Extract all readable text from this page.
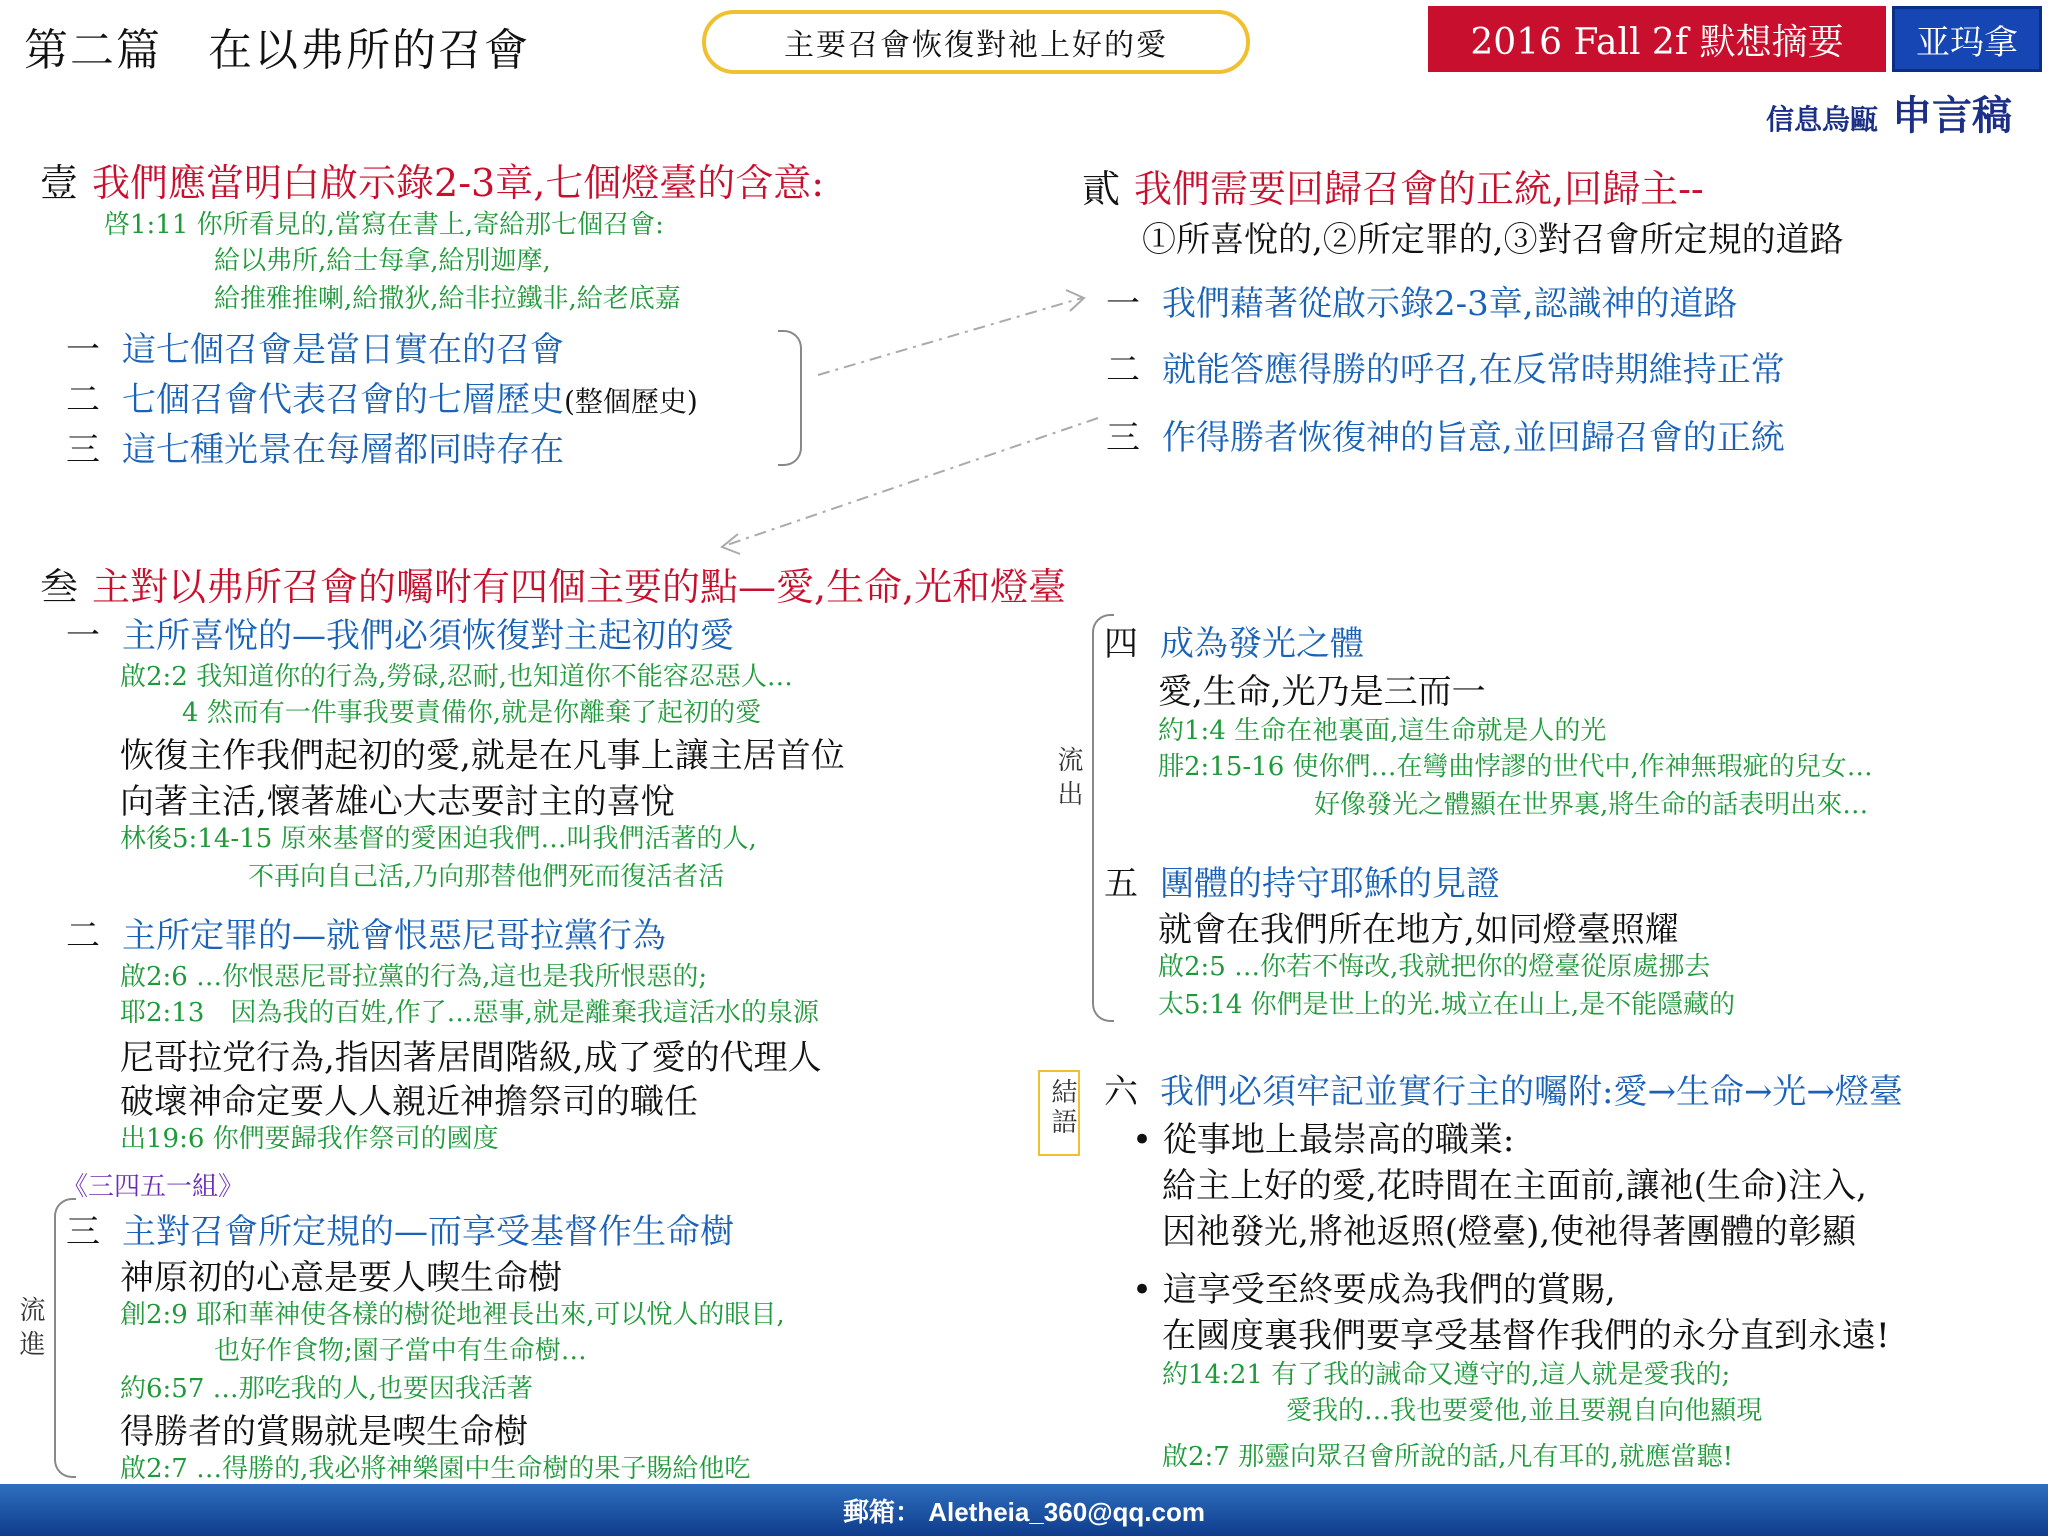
第二篇　在以弗所的召會	主要召會恢復對祂上好的愛	2016 Fall 2f 默想摘要	亚玛拿
信息烏甌 申言稿
壹 我們應當明白啟示錄2-3章,七個燈臺的含意:
啓1:11 你所看見的,當寫在書上,寄給那七個召會:
給以弗所,給士每拿,給別迦摩,
給推雅推喇,給撒狄,給非拉鐵非,給老底嘉
一 這七個召會是當日實在的召會
二 七個召會代表召會的七層歷史(整個歷史)
三 這七種光景在每層都同時存在
貳 我們需要回歸召會的正統,回歸主--
①所喜悅的,②所定罪的,③對召會所定規的道路
一 我們藉著從啟示錄2-3章,認識神的道路
二 就能答應得勝的呼召,在反常時期維持正常
三 作得勝者恢復神的旨意,並回歸召會的正統
叁 主對以弗所召會的囑咐有四個主要的點—愛,生命,光和燈臺
一 主所喜悅的—我們必須恢復對主起初的愛
啟2:2 我知道你的行為,勞碌,忍耐,也知道你不能容忍惡人…
4 然而有一件事我要責備你,就是你離棄了起初的愛
恢復主作我們起初的愛,就是在凡事上讓主居首位
向著主活,懷著雄心大志要討主的喜悅
林後5:14-15 原來基督的愛困迫我們…叫我們活著的人,
不再向自己活,乃向那替他們死而復活者活
二 主所定罪的—就會恨惡尼哥拉黨行為
啟2:6 …你恨惡尼哥拉黨的行為,這也是我所恨惡的;
耶2:13　因為我的百姓,作了…惡事,就是離棄我這活水的泉源
尼哥拉党行為,指因著居間階級,成了愛的代理人
破壞神命定要人人親近神擔祭司的職任
出19:6 你們要歸我作祭司的國度
《三四五一組》
三 主對召會所定規的—而享受基督作生命樹
神原初的心意是要人喫生命樹
創2:9 耶和華神使各樣的樹從地裡長出來,可以悅人的眼目,
也好作食物;園子當中有生命樹…
約6:57 …那吃我的人,也要因我活著
得勝者的賞賜就是喫生命樹
啟2:7 …得勝的,我必將神樂園中生命樹的果子賜給他吃
流進
流出
四 成為發光之體
愛,生命,光乃是三而一
約1:4 生命在祂裏面,這生命就是人的光
腓2:15-16 使你們…在彎曲悖謬的世代中,作神無瑕疵的兒女…
好像發光之體顯在世界裏,將生命的話表明出來…
五 團體的持守耶穌的見證
就會在我們所在地方,如同燈臺照耀
啟2:5 …你若不悔改,我就把你的燈臺從原處挪去
太5:14 你們是世上的光.城立在山上,是不能隱藏的
結語 六 我們必須牢記並實行主的囑附:愛→生命→光→燈臺
• 從事地上最崇高的職業:
給主上好的愛,花時間在主面前,讓祂(生命)注入,
因祂發光,將祂返照(燈臺),使祂得著團體的彰顯
• 這享受至終要成為我們的賞賜,
在國度裏我們要享受基督作我們的永分直到永遠!
約14:21 有了我的誡命又遵守的,這人就是愛我的;
愛我的…我也要愛他,並且要親自向他顯現
啟2:7 那靈向眾召會所說的話,凡有耳的,就應當聽!
郵箱： Aletheia_360@qq.com
